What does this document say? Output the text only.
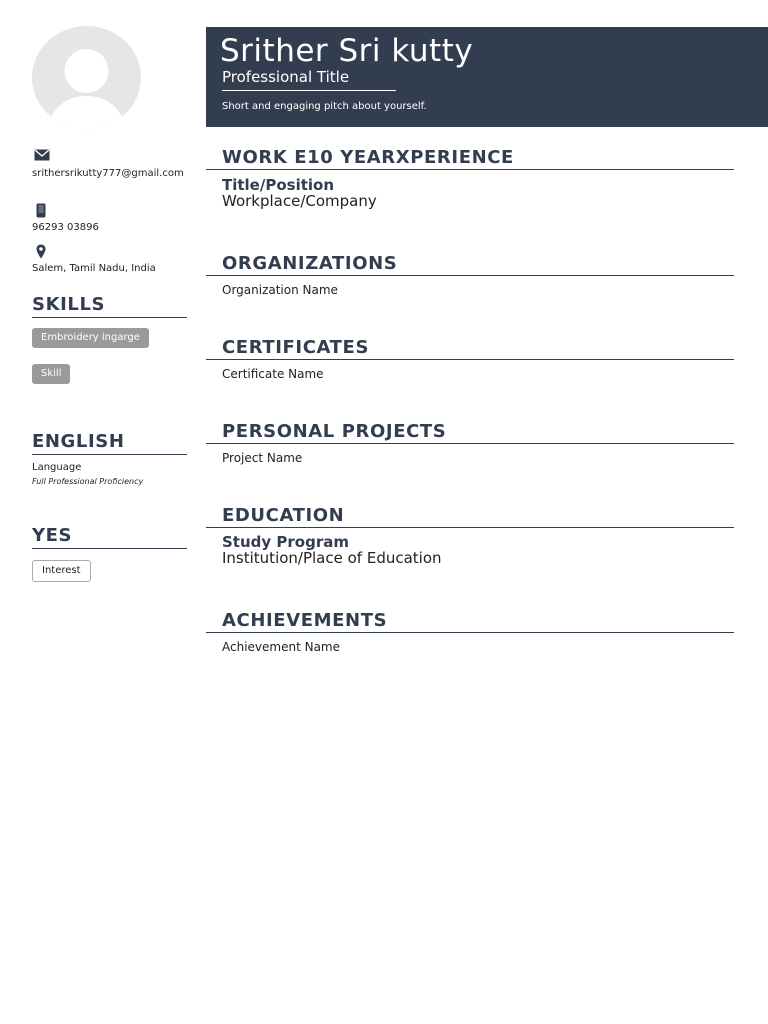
Srither Sri kutty
Professional Title
Short and engaging pitch about yourself.
srithersrikutty777@gmail.com
96293 03896
Salem, Tamil Nadu, India
SKILLS
Embroidery ingarge
Skill
ENGLISH
Language
Full Professional Proficiency
YES
Interest
WORK E10 YEARXPERIENCE
Title/Position
Workplace/Company
ORGANIZATIONS
Organization Name
CERTIFICATES
Certificate Name
PERSONAL PROJECTS
Project Name
EDUCATION
Study Program
Institution/Place of Education
ACHIEVEMENTS
Achievement Name
